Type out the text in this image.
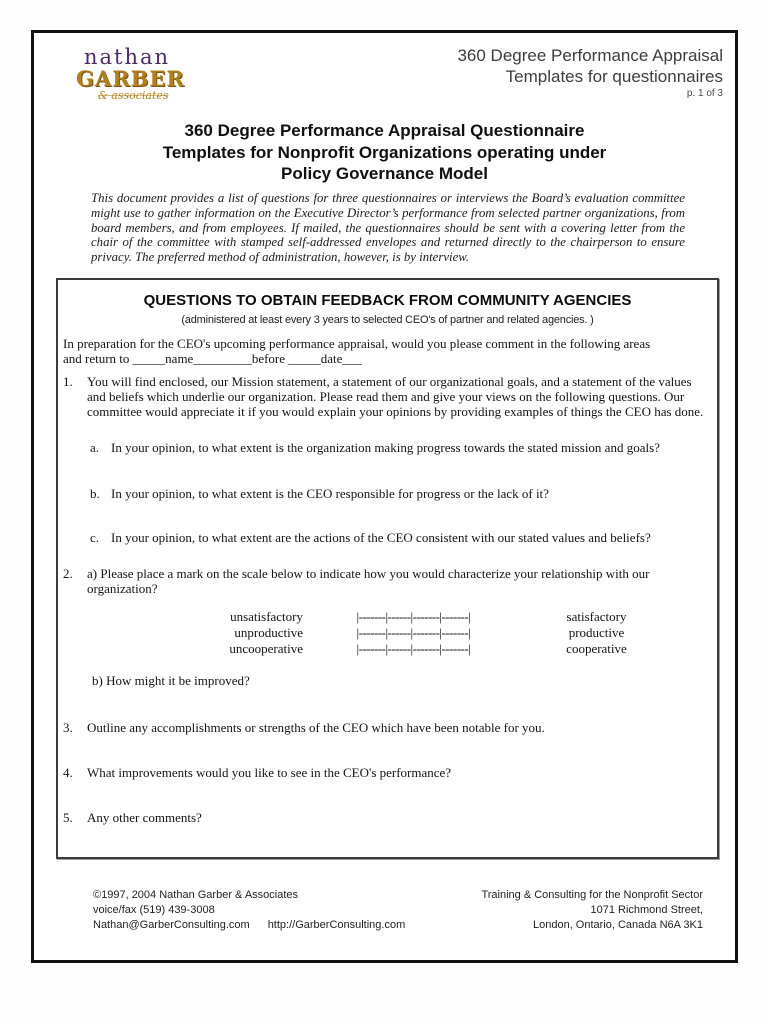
nathan
GARBER
& associates
360 Degree Performance Appraisal
Templates for questionnaires
p. 1 of 3
360 Degree Performance Appraisal Questionnaire
Templates for Nonprofit Organizations operating under
Policy Governance Model
This document provides a list of questions for three questionnaires or interviews the Board’s evaluation committee might use to gather information on the Executive Director’s performance from selected partner organizations, from board members, and from employees. If mailed, the questionnaires should be sent with a covering letter from the chair of the committee with stamped self-addressed envelopes and returned directly to the chairperson to ensure privacy. The preferred method of administration, however, is by interview.
QUESTIONS TO OBTAIN FEEDBACK FROM COMMUNITY AGENCIES
(administered at least every 3 years to selected CEO's of partner and related agencies. )
In preparation for the CEO's upcoming performance appraisal, would you please comment in the following areas
and return to _____name_________before _____date___
1.	You will find enclosed, our Mission statement, a statement of our organizational goals, and a statement of the values and beliefs which underlie our organization. Please read them and give your views on the following questions. Our committee would appreciate it if you would explain your opinions by providing examples of things the CEO has done.
a. In your opinion, to what extent is the organization making progress towards the stated mission and goals?
b. In your opinion, to what extent is the CEO responsible for progress or the lack of it?
c. In your opinion, to what extent are the actions of the CEO consistent with our stated values and beliefs?
2.	a) Please place a mark on the scale below to indicate how you would characterize your relationship with our organization?
unsatisfactory	|-------|------|-------|-------|	satisfactory
unproductive	|-------|------|-------|-------|	productive
uncooperative	|-------|------|-------|-------|	cooperative
b) How might it be improved?
3.	Outline any accomplishments or strengths of the CEO which have been notable for you.
4.	What improvements would you like to see in the CEO's performance?
5.	Any other comments?
©1997, 2004 Nathan Garber & Associates
voice/fax (519) 439-3008
Nathan@GarberConsulting.com http://GarberConsulting.com
Training & Consulting for the Nonprofit Sector
1071 Richmond Street,
London, Ontario, Canada N6A 3K1
